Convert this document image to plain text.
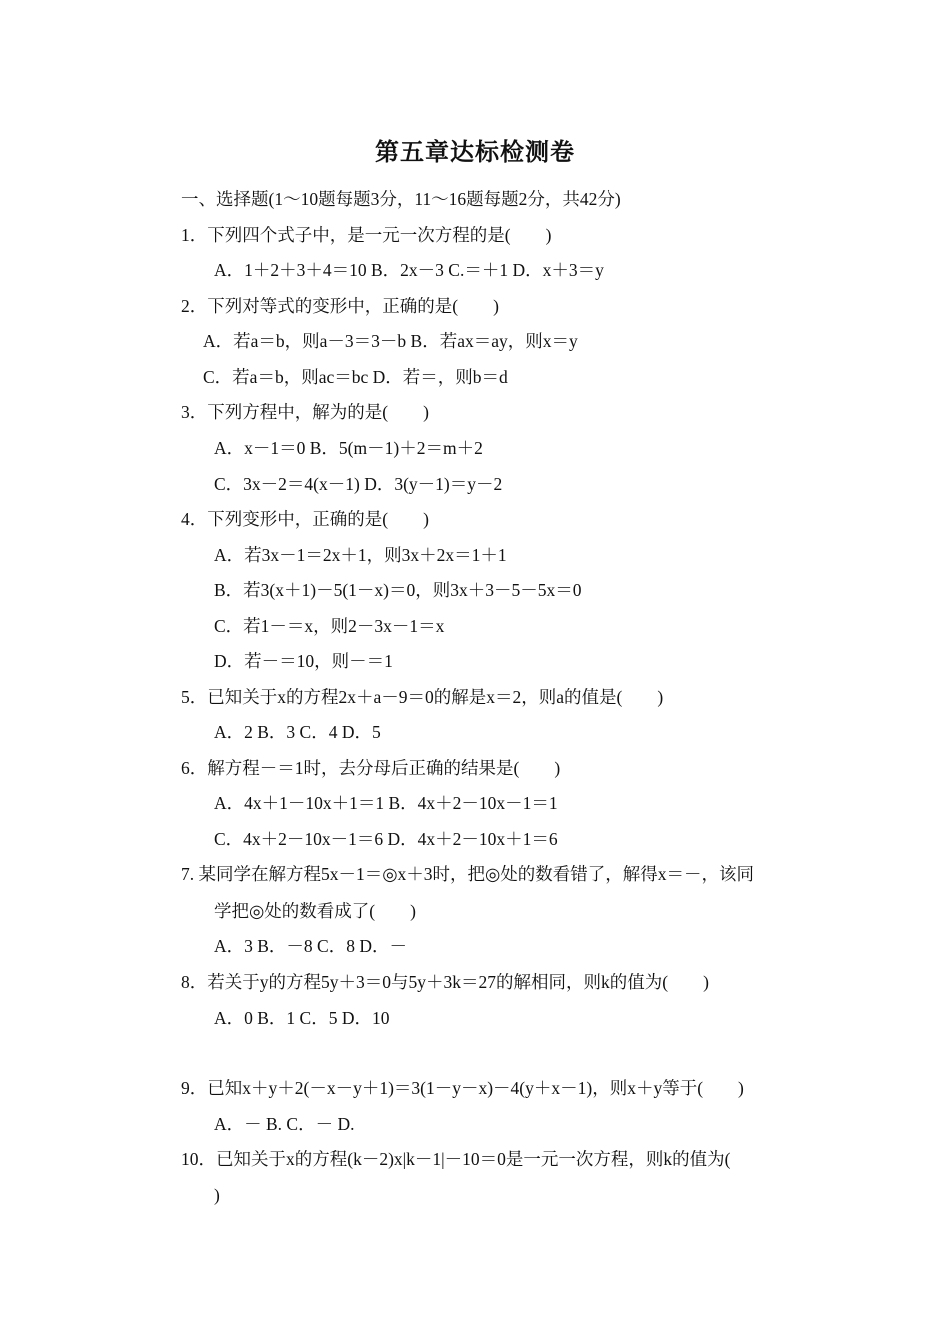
第五章达标检测卷
一、选择题(1～10题每题3分，11～16题每题2分，共42分)
1．下列四个式子中，是一元一次方程的是(　　)
A．1＋2＋3＋4＝10 B．2x－3 C.＝＋1 D．x＋3＝y
2．下列对等式的变形中，正确的是(　　)
A．若a＝b，则a－3＝3－b B．若ax＝ay，则x＝y
C．若a＝b，则ac＝bc D．若＝，则b＝d
3．下列方程中，解为的是(　　)
A．x－1＝0 B．5(m－1)＋2＝m＋2
C．3x－2＝4(x－1) D．3(y－1)＝y－2
4．下列变形中，正确的是(　　)
A．若3x－1＝2x＋1，则3x＋2x＝1＋1
B．若3(x＋1)－5(1－x)＝0，则3x＋3－5－5x＝0
C．若1－＝x，则2－3x－1＝x
D．若－＝10，则－＝1
5．已知关于x的方程2x＋a－9＝0的解是x＝2，则a的值是(　　)
A．2 B．3 C．4 D．5
6．解方程－＝1时，去分母后正确的结果是(　　)
A．4x＋1－10x＋1＝1 B．4x＋2－10x－1＝1
C．4x＋2－10x－1＝6 D．4x＋2－10x＋1＝6
7. 某同学在解方程5x－1＝◎x＋3时，把◎处的数看错了，解得x＝－，该同
学把◎处的数看成了(　　)
A．3 B．－8 C．8 D．－
8．若关于y的方程5y＋3＝0与5y＋3k＝27的解相同，则k的值为(　　)
A．0 B．1 C．5 D．10
9．已知x＋y＋2(－x－y＋1)＝3(1－y－x)－4(y＋x－1)，则x＋y等于(　　)
A．－ B. C．－ D.
10．已知关于x的方程(k－2)x|k－1|－10＝0是一元一次方程，则k的值为(
)
